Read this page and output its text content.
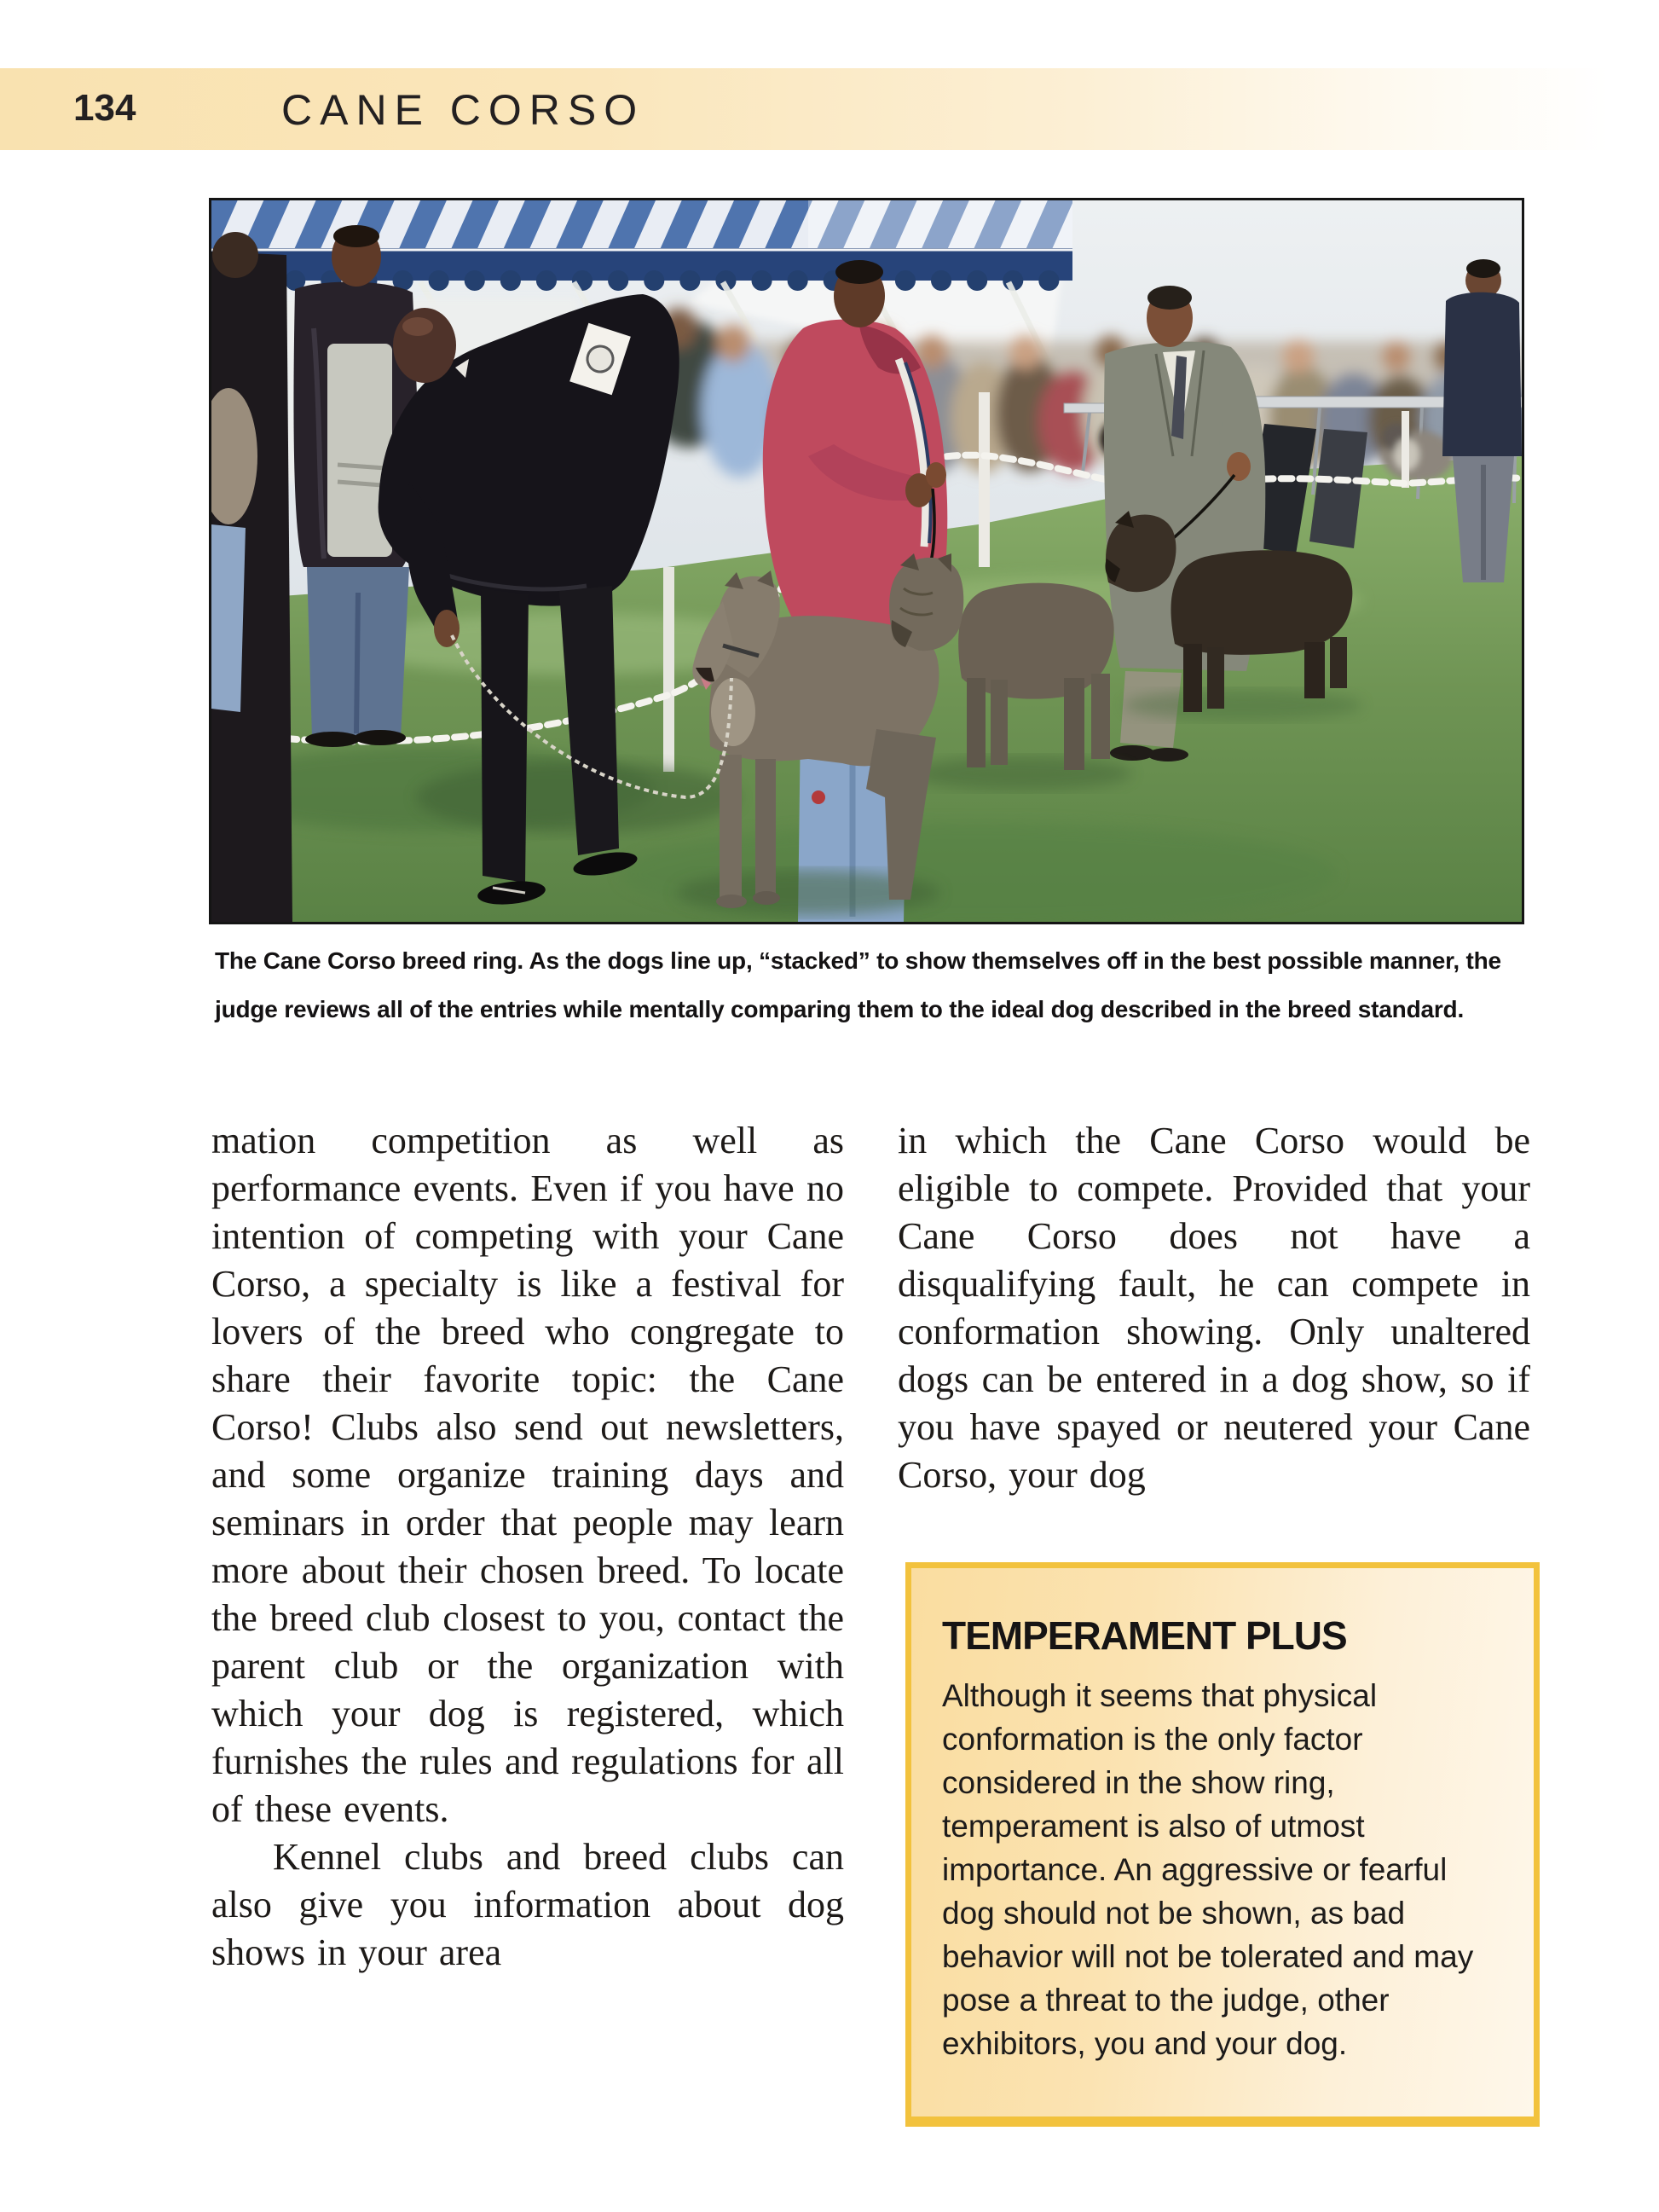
134	CANE CORSO
The Cane Corso breed ring. As the dogs line up, “stacked” to show themselves off in the best possible manner, the judge reviews all of the entries while mentally comparing them to the ideal dog described in the breed standard.

mation competition as well as performance events. Even if you have no intention of competing with your Cane Corso, a specialty is like a festival for lovers of the breed who congregate to share their favorite topic: the Cane Corso! Clubs also send out newsletters, and some organize training days and seminars in order that people may learn more about their chosen breed. To locate the breed club closest to you, contact the parent club or the organization with which your dog is registered, which furnishes the rules and regulations for all of these events.

Kennel clubs and breed clubs can also give you information about dog shows in your area

in which the Cane Corso would be eligible to compete. Provided that your Cane Corso does not have a disqualifying fault, he can compete in conformation showing. Only unaltered dogs can be entered in a dog show, so if you have spayed or neutered your Cane Corso, your dog

TEMPERAMENT PLUS

Although it seems that physical conformation is the only factor considered in the show ring, temperament is also of utmost importance. An aggressive or fearful dog should not be shown, as bad behavior will not be tolerated and may pose a threat to the judge, other exhibitors, you and your dog.
